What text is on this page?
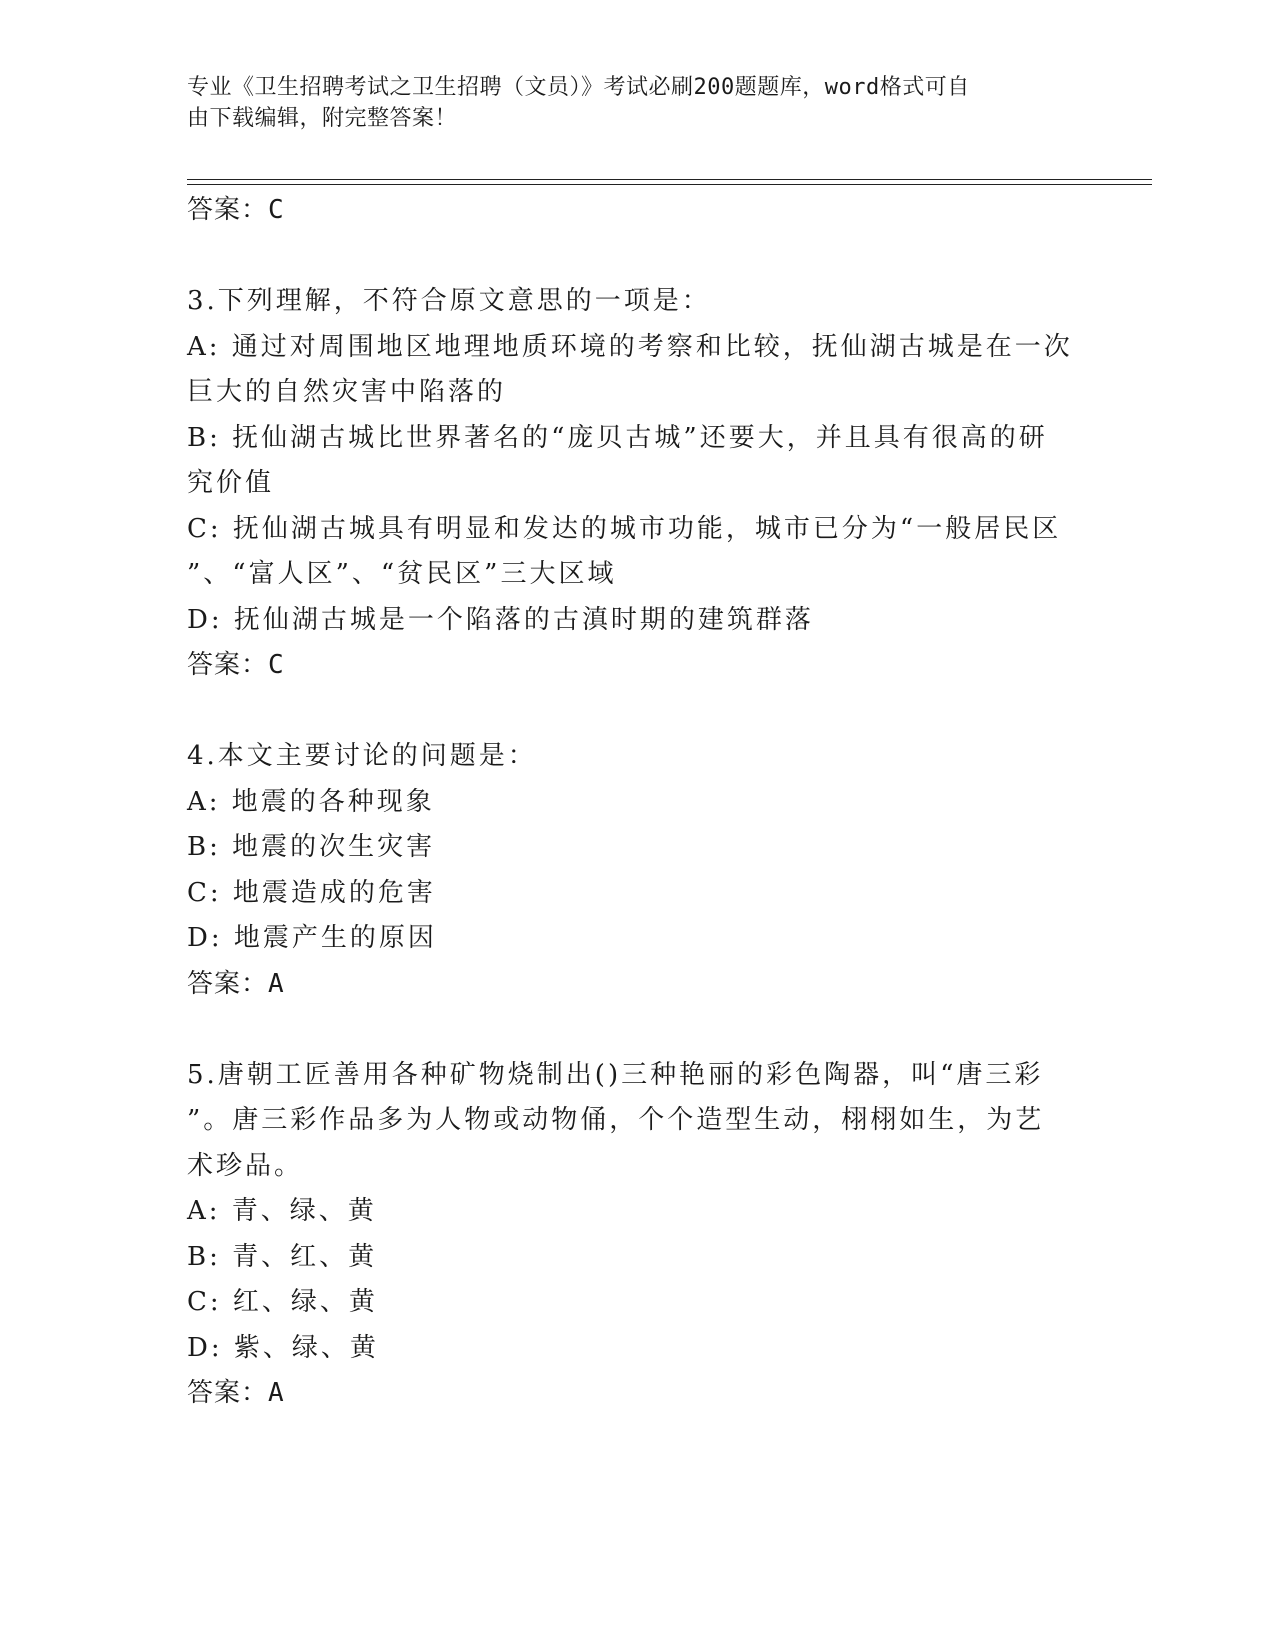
专业《卫生招聘考试之卫生招聘（文员）》考试必刷200题题库，word格式可自
由下载编辑，附完整答案！
答案：C
3.下列理解，不符合原文意思的一项是：
A: 通过对周围地区地理地质环境的考察和比较，抚仙湖古城是在一次
巨大的自然灾害中陷落的
B: 抚仙湖古城比世界著名的“庞贝古城”还要大，并且具有很高的研
究价值
C: 抚仙湖古城具有明显和发达的城市功能，城市已分为“一般居民区
”、“富人区”、“贫民区”三大区域
D: 抚仙湖古城是一个陷落的古滇时期的建筑群落
答案：C
4.本文主要讨论的问题是：
A: 地震的各种现象
B: 地震的次生灾害
C: 地震造成的危害
D: 地震产生的原因
答案：A
5.唐朝工匠善用各种矿物烧制出()三种艳丽的彩色陶器，叫“唐三彩
”。唐三彩作品多为人物或动物俑，个个造型生动，栩栩如生，为艺
术珍品。
A: 青、绿、黄
B: 青、红、黄
C: 红、绿、黄
D: 紫、绿、黄
答案：A
